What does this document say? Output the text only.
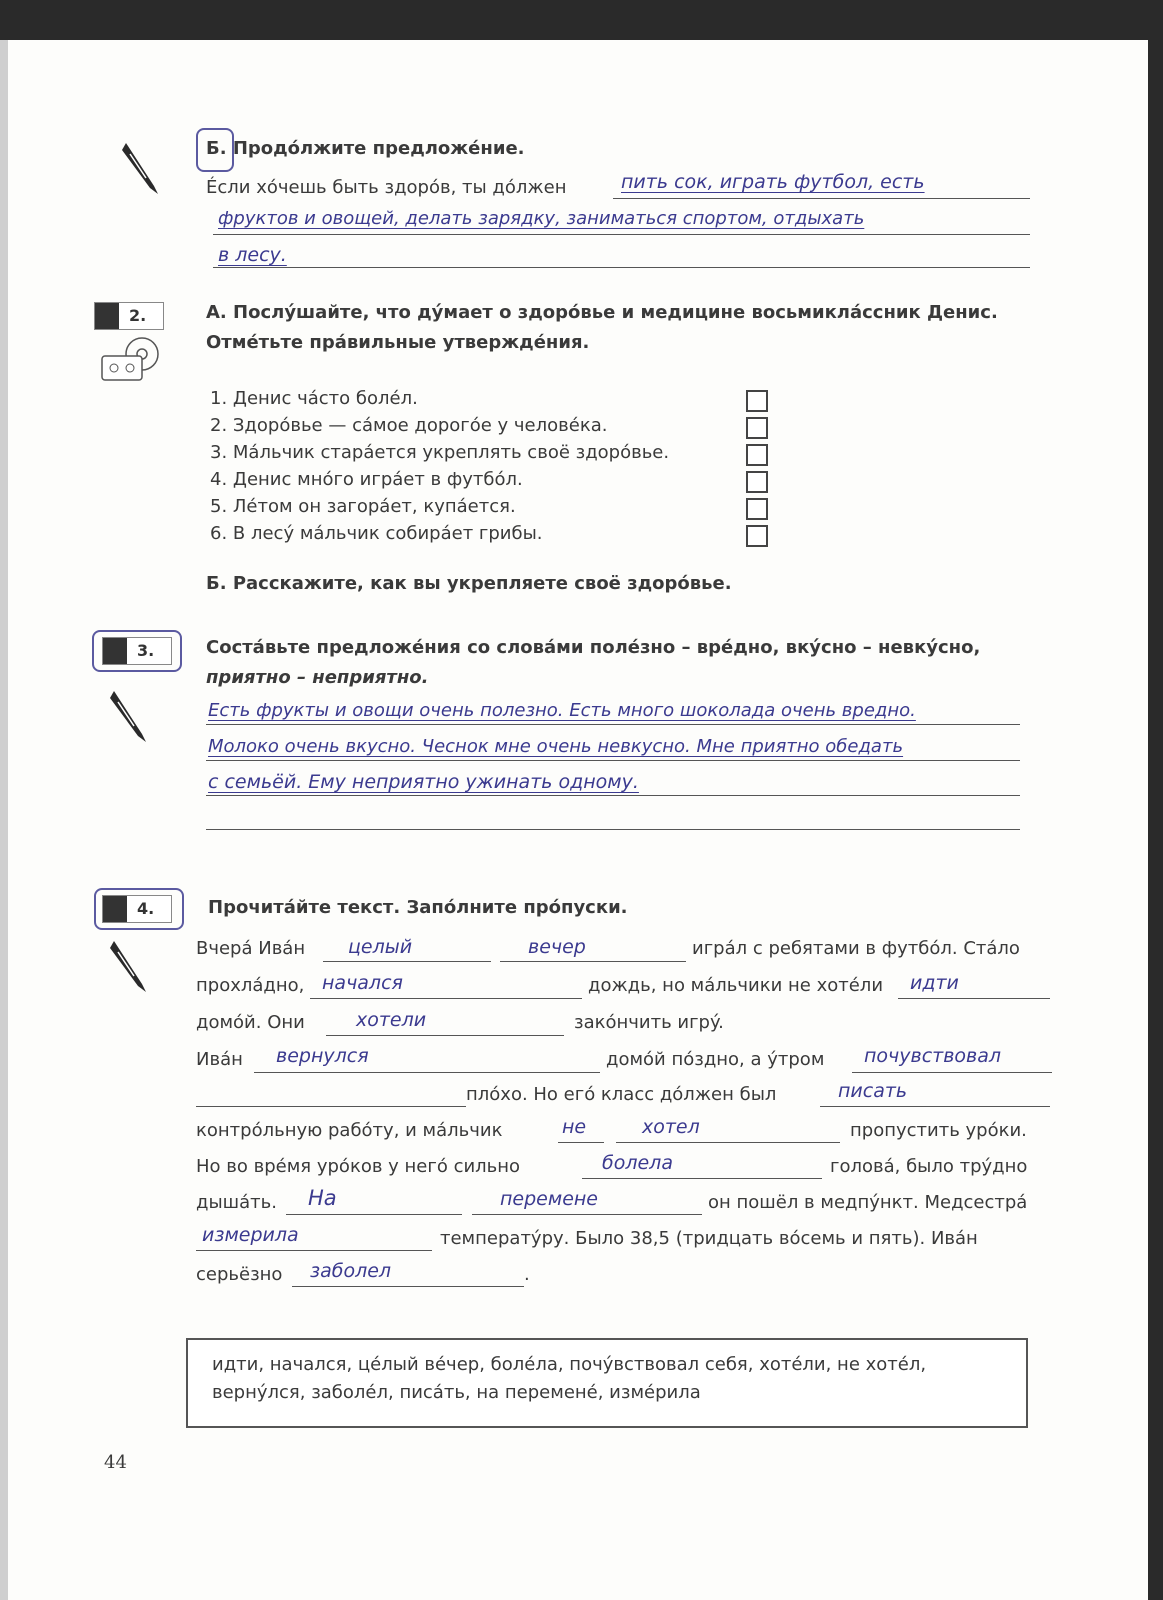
Б. Продóлжите предложéние.
Éсли хóчешь быть здорóв, ты дóлжен	пить сок, играть футбол, есть
фруктов и овощей, делать зарядку, заниматься спортом, отдыхать
в лесу.
2.	А. Послýшайте, что дýмает о здорóвье и медицине восьмиклáссник Денис.
Отмéтьте прáвильные утверждéния.
1. Денис чáсто болéл.
2. Здорóвье — сáмое дорогóе у человéка.
3. Мáльчик старáется укреплять своё здорóвье.
4. Денис мнóго игрáет в футбóл.
5. Лéтом он загорáет, купáется.
6. В лесý мáльчик собирáет грибы.
Б. Расскажите, как вы укрепляете своё здорóвье.
3.	Состáвьте предложéния со словáми полéзно – врéдно, вкýсно – невкýсно,
приятно – неприятно.
Есть фрукты и овощи очень полезно. Есть много шоколада очень вредно.
Молоко очень вкусно. Чеснок мне очень невкусно. Мне приятно обедать
с семьёй. Ему неприятно ужинать одному.
4.	Прочитáйте текст. Запóлните прóпуски.
Вчерá Ивáн целый	вечер	игрáл с ребятами в футбóл. Стáло
прохлáдно, начался	дождь, но мáльчики не хотéли идти
домóй. Они	хотели	закóнчить игрý.
Ивáн вернулся	домóй пóздно, а ýтром почувствовал
плóхо. Но егó класс дóлжен был	писать
контрóльную рабóту, и мáльчик	не	хотел	пропустить урóки.
Но во врéмя урóков у негó сильно	болела	головá, было трýдно
дышáть. На	перемене	он пошёл в медпýнкт. Медсестрá
измерила	температýру. Было 38,5 (тридцать вóсемь и пять). Ивáн
серьёзно заболел	.
идти, начался, цéлый вéчер, болéла, почýвствовал себя, хотéли, не хотéл,
вернýлся, заболéл, писáть, на переменé, измéрила
44
